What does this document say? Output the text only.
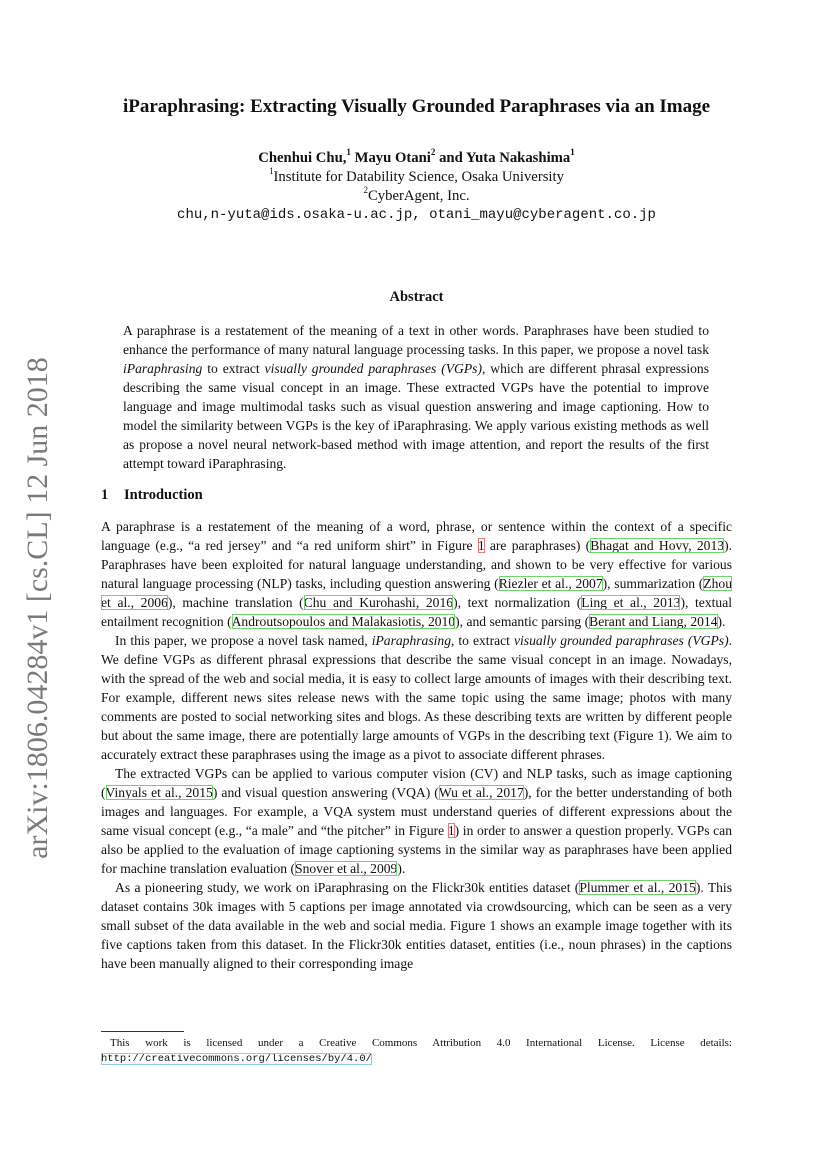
arXiv:1806.04284v1 [cs.CL] 12 Jun 2018
iParaphrasing: Extracting Visually Grounded Paraphrases via an Image
Chenhui Chu,$^1$ Mayu Otani$^2$ and Yuta Nakashima$^1$
$^1$Institute for Datability Science, Osaka University
$^2$CyberAgent, Inc.
chu,n-yuta@ids.osaka-u.ac.jp, otani_mayu@cyberagent.co.jp
Abstract
A paraphrase is a restatement of the meaning of a text in other words. Paraphrases have been studied to enhance the performance of many natural language processing tasks. In this paper, we propose a novel task iParaphrasing to extract visually grounded paraphrases (VGPs), which are different phrasal expressions describing the same visual concept in an image. These extracted VGPs have the potential to improve language and image multimodal tasks such as visual question answering and image captioning. How to model the similarity between VGPs is the key of iParaphrasing. We apply various existing methods as well as propose a novel neural network-based method with image attention, and report the results of the first attempt toward iParaphrasing.
1 Introduction

A paraphrase is a restatement of the meaning of a word, phrase, or sentence within the context of a specific language (e.g., “a red jersey” and “a red uniform shirt” in Figure 1 are paraphrases) (Bhagat and Hovy, 2013). Paraphrases have been exploited for natural language understanding, and shown to be very effective for various natural language processing (NLP) tasks, including question answering (Riezler et al., 2007), summarization (Zhou et al., 2006), machine translation (Chu and Kurohashi, 2016), text normalization (Ling et al., 2013), textual entailment recognition (Androutsopoulos and Malakasiotis, 2010), and semantic parsing (Berant and Liang, 2014).

In this paper, we propose a novel task named, iParaphrasing, to extract visually grounded paraphrases (VGPs). We define VGPs as different phrasal expressions that describe the same visual concept in an image. Nowadays, with the spread of the web and social media, it is easy to collect large amounts of images with their describing text. For example, different news sites release news with the same topic using the same image; photos with many comments are posted to social networking sites and blogs. As these describing texts are written by different people but about the same image, there are potentially large amounts of VGPs in the describing text (Figure 1). We aim to accurately extract these paraphrases using the image as a pivot to associate different phrases.

The extracted VGPs can be applied to various computer vision (CV) and NLP tasks, such as image captioning (Vinyals et al., 2015) and visual question answering (VQA) (Wu et al., 2017), for the better understanding of both images and languages. For example, a VQA system must understand queries of different expressions about the same visual concept (e.g., “a male” and “the pitcher” in Figure 1) in order to answer a question properly. VGPs can also be applied to the evaluation of image captioning systems in the similar way as paraphrases have been applied for machine translation evaluation (Snover et al., 2009).

As a pioneering study, we work on iParaphrasing on the Flickr30k entities dataset (Plummer et al., 2015). This dataset contains 30k images with 5 captions per image annotated via crowdsourcing, which can be seen as a very small subset of the data available in the web and social media. Figure 1 shows an example image together with its five captions taken from this dataset. In the Flickr30k entities dataset, entities (i.e., noun phrases) in the captions have been manually aligned to their corresponding image

This work is licensed under a Creative Commons Attribution 4.0 International License. License details: http://creativecommons.org/licenses/by/4.0/
